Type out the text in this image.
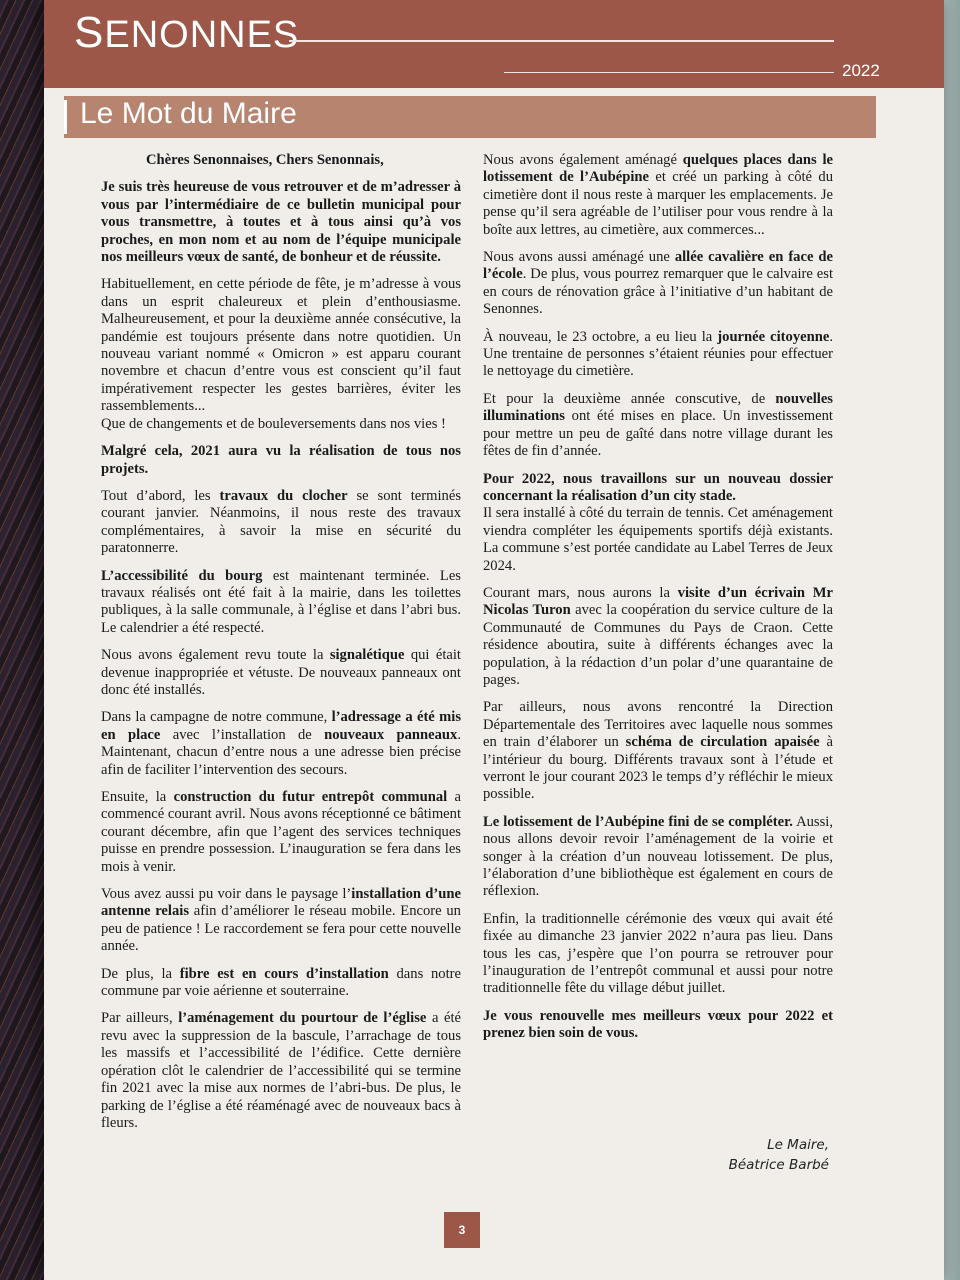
SENONNES
2022
Le Mot du Maire

Chères Senonnaises, Chers Senonnais,

Je suis très heureuse de vous retrouver et de m’adresser à vous par l’intermédiaire de ce bulletin municipal pour vous transmettre, à toutes et à tous ainsi qu’à vos proches, en mon nom et au nom de l’équipe municipale nos meilleurs vœux de santé, de bonheur et de réussite.

Habituellement, en cette période de fête, je m’adresse à vous dans un esprit chaleureux et plein d’enthousiasme. Malheureusement, et pour la deuxième année consécutive, la pandémie est toujours présente dans notre quotidien. Un nouveau variant nommé « Omicron » est apparu courant novembre et chacun d’entre vous est conscient qu’il faut impérativement respecter les gestes barrières, éviter les rassemblements...

Que de changements et de bouleversements dans nos vies !

Malgré cela, 2021 aura vu la réalisation de tous nos projets.

Tout d’abord, les travaux du clocher se sont terminés courant janvier. Néanmoins, il nous reste des travaux complémentaires, à savoir la mise en sécurité du paratonnerre.

L’accessibilité du bourg est maintenant terminée. Les travaux réalisés ont été fait à la mairie, dans les toilettes publiques, à la salle communale, à l’église et dans l’abri bus. Le calendrier a été respecté.

Nous avons également revu toute la signalétique qui était devenue inappropriée et vétuste. De nouveaux panneaux ont donc été installés.

Dans la campagne de notre commune, l’adressage a été mis en place avec l’installation de nouveaux panneaux. Maintenant, chacun d’entre nous a une adresse bien précise afin de faciliter l’intervention des secours.

Ensuite, la construction du futur entrepôt communal a commencé courant avril. Nous avons réceptionné ce bâtiment courant décembre, afin que l’agent des services techniques puisse en prendre possession. L’inauguration se fera dans les mois à venir.

Vous avez aussi pu voir dans le paysage l’installation d’une antenne relais afin d’améliorer le réseau mobile. Encore un peu de patience ! Le raccordement se fera pour cette nouvelle année.

De plus, la fibre est en cours d’installation dans notre commune par voie aérienne et souterraine.

Par ailleurs, l’aménagement du pourtour de l’église a été revu avec la suppression de la bascule, l’arrachage de tous les massifs et l’accessibilité de l’édifice. Cette dernière opération clôt le calendrier de l’accessibilité qui se termine fin 2021 avec la mise aux normes de l’abri-bus. De plus, le parking de l’église a été réaménagé avec de nouveaux bacs à fleurs.

Nous avons également aménagé quelques places dans le lotissement de l’Aubépine et créé un parking à côté du cimetière dont il nous reste à marquer les emplacements. Je pense qu’il sera agréable de l’utiliser pour vous rendre à la boîte aux lettres, au cimetière, aux commerces...

Nous avons aussi aménagé une allée cavalière en face de l’école. De plus, vous pourrez remarquer que le calvaire est en cours de rénovation grâce à l’initiative d’un habitant de Senonnes.

À nouveau, le 23 octobre, a eu lieu la journée citoyenne. Une trentaine de personnes s’étaient réunies pour effectuer le nettoyage du cimetière.

Et pour la deuxième année conscutive, de nouvelles illuminations ont été mises en place. Un investissement pour mettre un peu de gaîté dans notre village durant les fêtes de fin d’année.

Pour 2022, nous travaillons sur un nouveau dossier concernant la réalisation d’un city stade.

Il sera installé à côté du terrain de tennis. Cet aménagement viendra compléter les équipements sportifs déjà existants. La commune s’est portée candidate au Label Terres de Jeux 2024.

Courant mars, nous aurons la visite d’un écrivain Mr Nicolas Turon avec la coopération du service culture de la Communauté de Communes du Pays de Craon. Cette résidence aboutira, suite à différents échanges avec la population, à la rédaction d’un polar d’une quarantaine de pages.

Par ailleurs, nous avons rencontré la Direction Départementale des Territoires avec laquelle nous sommes en train d’élaborer un schéma de circulation apaisée à l’intérieur du bourg. Différents travaux sont à l’étude et verront le jour courant 2023 le temps d’y réfléchir le mieux possible.

Le lotissement de l’Aubépine fini de se compléter. Aussi, nous allons devoir revoir l’aménagement de la voirie et songer à la création d’un nouveau lotissement. De plus, l’élaboration d’une bibliothèque est également en cours de réflexion.

Enfin, la traditionnelle cérémonie des vœux qui avait été fixée au dimanche 23 janvier 2022 n’aura pas lieu. Dans tous les cas, j’espère que l’on pourra se retrouver pour l’inauguration de l’entrepôt communal et aussi pour notre traditionnelle fête du village début juillet.

Je vous renouvelle mes meilleurs vœux pour 2022 et prenez bien soin de vous.

Le Maire,
Béatrice Barbé
3
